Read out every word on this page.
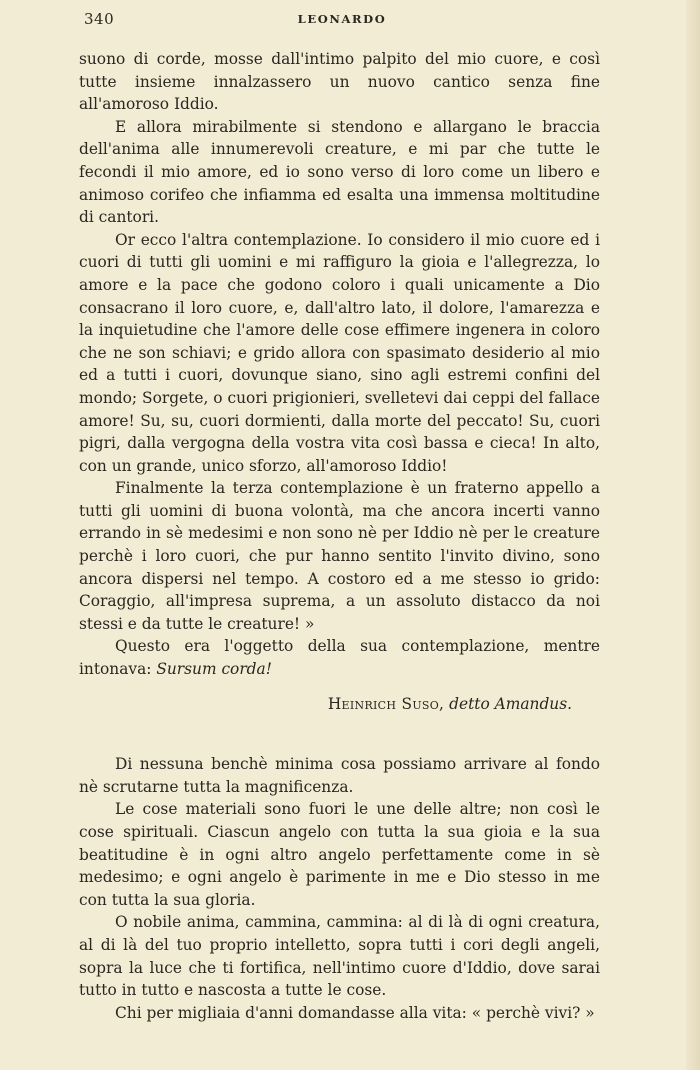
340	LEONARDO

suono di corde, mosse dall'intimo palpito del mio cuore, e così tutte insieme innalzassero un nuovo cantico senza fine all'amoroso Iddio.

E allora mirabilmente si stendono e allargano le braccia dell'anima alle innumerevoli creature, e mi par che tutte le fecondi il mio amore, ed io sono verso di loro come un libero e animoso corifeo che infiamma ed esalta una immensa moltitudine di cantori.

Or ecco l'altra contemplazione. Io considero il mio cuore ed i cuori di tutti gli uomini e mi raffiguro la gioia e l'allegrezza, lo amore e la pace che godono coloro i quali unicamente a Dio consacrano il loro cuore, e, dall'altro lato, il dolore, l'amarezza e la inquietudine che l'amore delle cose effimere ingenera in coloro che ne son schiavi; e grido allora con spasimato desiderio al mio ed a tutti i cuori, dovunque siano, sino agli estremi confini del mondo; Sorgete, o cuori prigionieri, svelletevi dai ceppi del fallace amore! Su, su, cuori dormienti, dalla morte del peccato! Su, cuori pigri, dalla vergogna della vostra vita così bassa e cieca! In alto, con un grande, unico sforzo, all'amoroso Iddio!

Finalmente la terza contemplazione è un fraterno appello a tutti gli uomini di buona volontà, ma che ancora incerti vanno errando in sè medesimi e non sono nè per Iddio nè per le creature perchè i loro cuori, che pur hanno sentito l'invito divino, sono ancora dispersi nel tempo. A costoro ed a me stesso io grido: Coraggio, all'impresa suprema, a un assoluto distacco da noi stessi e da tutte le creature! »

Questo era l'oggetto della sua contemplazione, mentre intonava: Sursum corda!

Heinrich Suso, detto Amandus.

Di nessuna benchè minima cosa possiamo arrivare al fondo nè scrutarne tutta la magnificenza.

Le cose materiali sono fuori le une delle altre; non così le cose spirituali. Ciascun angelo con tutta la sua gioia e la sua beatitudine è in ogni altro angelo perfettamente come in sè medesimo; e ogni angelo è parimente in me e Dio stesso in me con tutta la sua gloria.

O nobile anima, cammina, cammina: al di là di ogni creatura, al di là del tuo proprio intelletto, sopra tutti i cori degli angeli, sopra la luce che ti fortifica, nell'intimo cuore d'Iddio, dove sarai tutto in tutto e nascosta a tutte le cose.

Chi per migliaia d'anni domandasse alla vita: « perchè vivi? »
